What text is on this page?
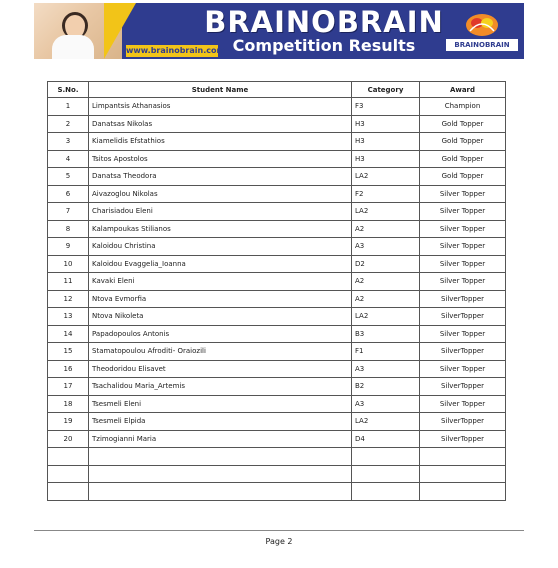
www.brainobrain.com
BRAINOBRAIN
Competition Results	BRAINOBRAIN
S.No.	Student Name	Category	Award
1	Limpantsis Athanasios	F3	Champion
2	Danatsas Nikolas	H3	Gold Topper
3	Kiamelidis Efstathios	H3	Gold Topper
4	Tsitos Apostolos	H3	Gold Topper
5	Danatsa Theodora	LA2	Gold Topper
6	Aivazoglou Nikolas	F2	Silver Topper
7	Charisiadou Eleni	LA2	Silver Topper
8	Kalampoukas Stilianos	A2	Silver Topper
9	Kaloidou Christina	A3	Silver Topper
10	Kaloidou Evaggelia_Ioanna	D2	Silver Topper
11	Kavaki Eleni	A2	Silver Topper
12	Ntova Evmorfia	A2	SilverTopper
13	Ntova Nikoleta	LA2	SilverTopper
14	Papadopoulos Antonis	B3	Silver Topper
15	Stamatopoulou Afroditi- Oraiozili	F1	SilverTopper
16	Theodoridou Elisavet	A3	Silver Topper
17	Tsachalidou Maria_Artemis	B2	SilverTopper
18	Tsesmeli Eleni	A3	Silver Topper
19	Tsesmeli Elpida	LA2	SilverTopper
20	Tzimogianni Maria	D4	SilverTopper

Page 2
